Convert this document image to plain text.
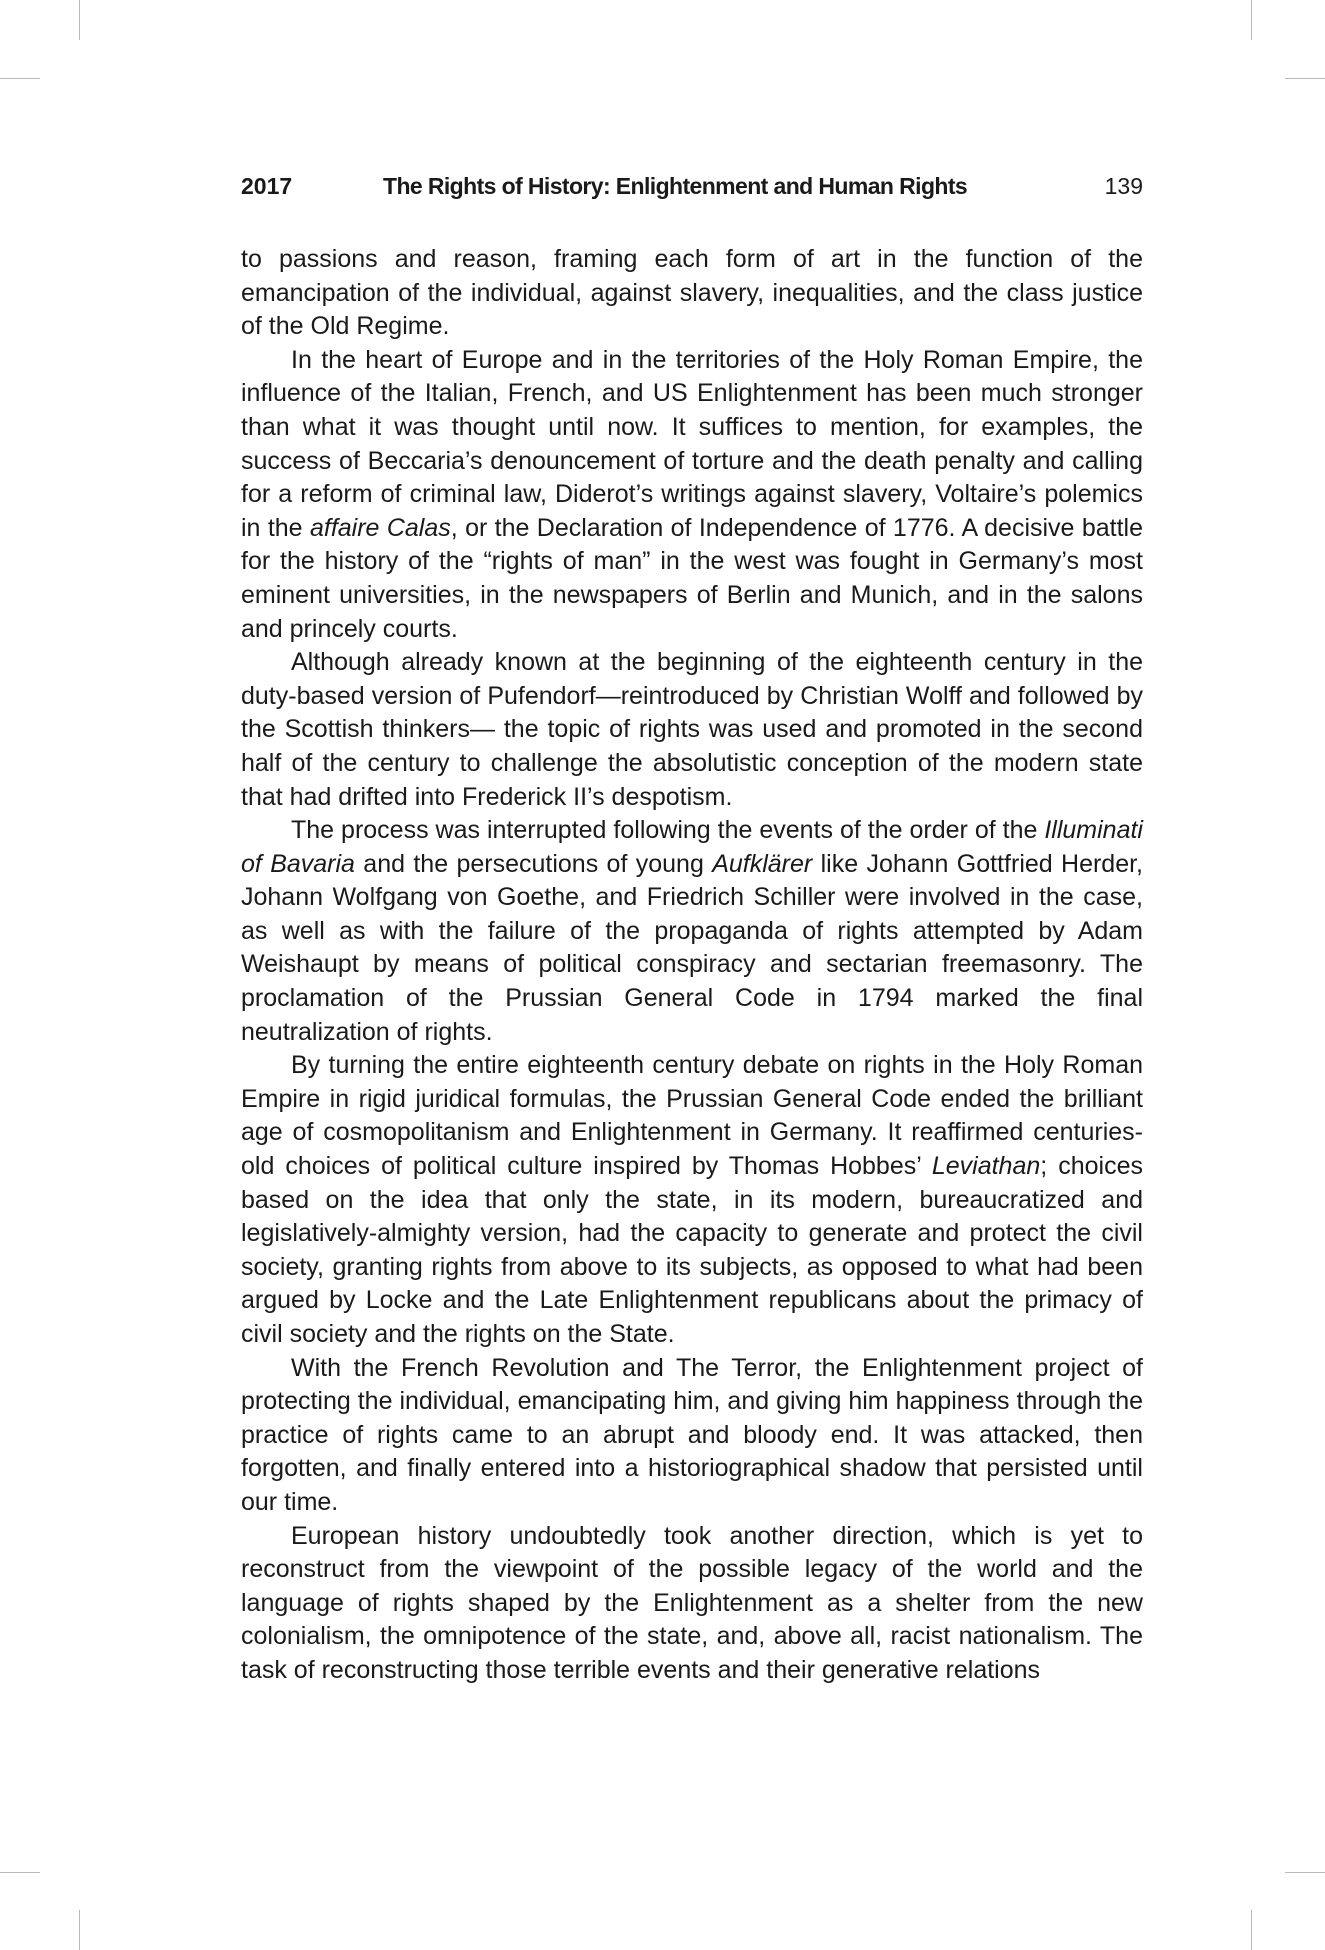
2017	The Rights of History: Enlightenment and Human Rights	139

to passions and reason, framing each form of art in the function of the emancipation of the individual, against slavery, inequalities, and the class justice of the Old Regime.

In the heart of Europe and in the territories of the Holy Roman Empire, the influence of the Italian, French, and US Enlightenment has been much stronger than what it was thought until now. It suffices to mention, for examples, the success of Beccaria’s denouncement of torture and the death penalty and calling for a reform of criminal law, Diderot’s writings against slavery, Voltaire’s polemics in the affaire Calas, or the Declaration of Independence of 1776. A decisive battle for the history of the “rights of man” in the west was fought in Germany’s most eminent universities, in the newspapers of Berlin and Munich, and in the salons and princely courts.

Although already known at the beginning of the eighteenth century in the duty-based version of Pufendorf—reintroduced by Christian Wolff and followed by the Scottish thinkers— the topic of rights was used and promoted in the second half of the century to challenge the absolutistic conception of the modern state that had drifted into Frederick II’s despotism.

The process was interrupted following the events of the order of the Illuminati of Bavaria and the persecutions of young Aufklärer like Johann Gottfried Herder, Johann Wolfgang von Goethe, and Friedrich Schiller were involved in the case, as well as with the failure of the propaganda of rights attempted by Adam Weishaupt by means of political conspiracy and sectarian freemasonry. The proclamation of the Prussian General Code in 1794 marked the final neutralization of rights.

By turning the entire eighteenth century debate on rights in the Holy Roman Empire in rigid juridical formulas, the Prussian General Code ended the brilliant age of cosmopolitanism and Enlightenment in Germany. It reaffirmed centuries-old choices of political culture inspired by Thomas Hobbes’ Leviathan; choices based on the idea that only the state, in its modern, bureaucratized and legislatively-almighty version, had the capacity to generate and protect the civil society, granting rights from above to its subjects, as opposed to what had been argued by Locke and the Late Enlightenment republicans about the primacy of civil society and the rights on the State.

With the French Revolution and The Terror, the Enlightenment project of protecting the individual, emancipating him, and giving him happiness through the practice of rights came to an abrupt and bloody end. It was attacked, then forgotten, and finally entered into a historiographical shadow that persisted until our time.

European history undoubtedly took another direction, which is yet to reconstruct from the viewpoint of the possible legacy of the world and the language of rights shaped by the Enlightenment as a shelter from the new colonialism, the omnipotence of the state, and, above all, racist nationalism. The task of reconstructing those terrible events and their generative relations
